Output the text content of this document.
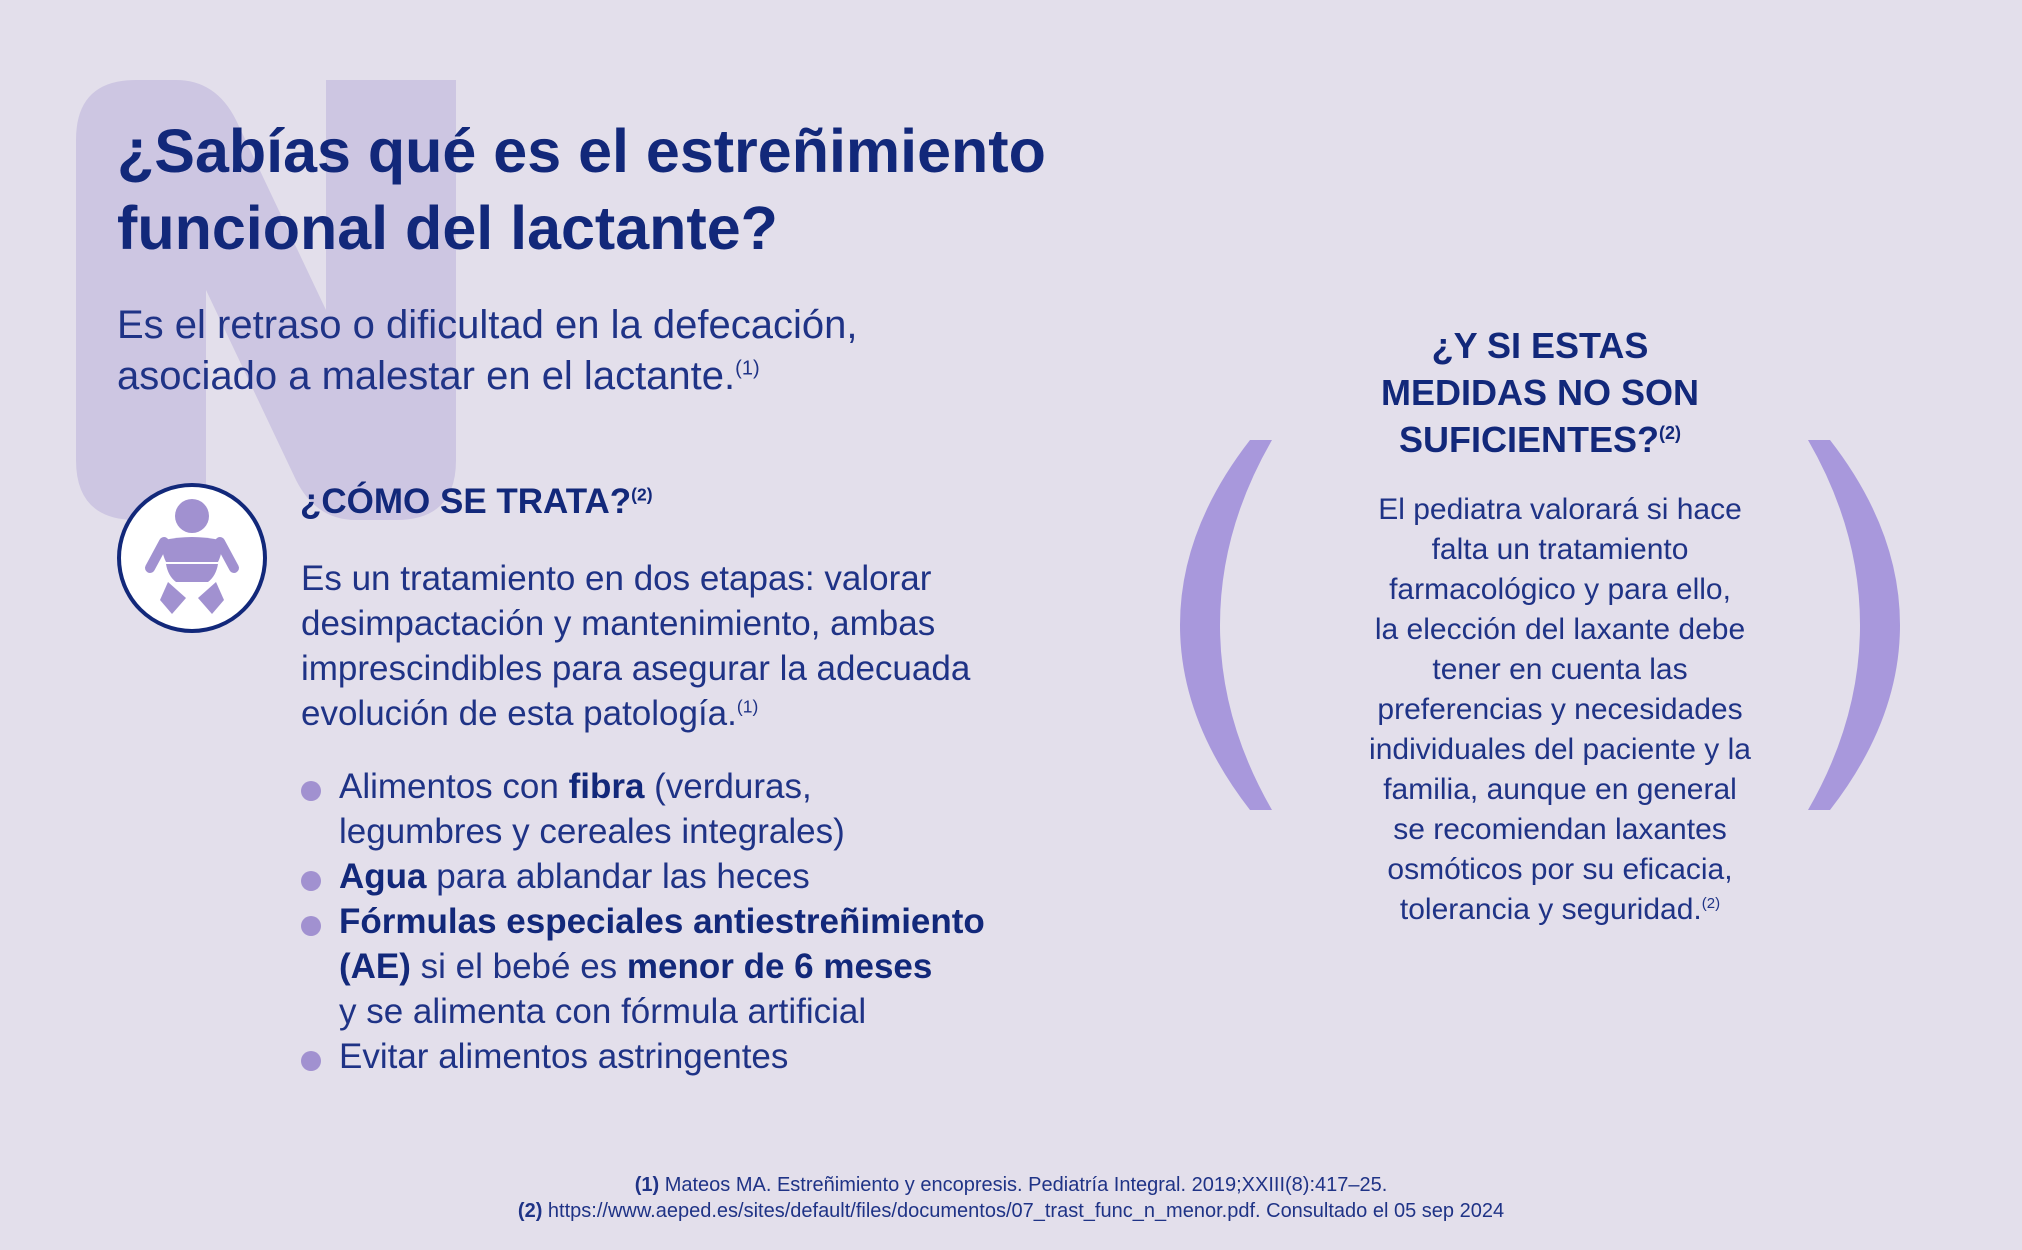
¿Sabías qué es el estreñimiento
funcional del lactante?

Es el retraso o dificultad en la defecación,
asociado a malestar en el lactante.$^{(1)}$

¿CÓMO SE TRATA?$^{(2)}$

Es un tratamiento en dos etapas: valorar
desimpactación y mantenimiento, ambas
imprescindibles para asegurar la adecuada
evolución de esta patología.$^{(1)}$

Alimentos con fibra (verduras,
legumbres y cereales integrales)
Agua para ablandar las heces
Fórmulas especiales antiestreñimiento
(AE) si el bebé es menor de 6 meses
y se alimenta con fórmula artificial
Evitar alimentos astringentes
¿Y SI ESTAS
MEDIDAS NO SON
SUFICIENTES?$^{(2)}$

El pediatra valorará si hace
falta un tratamiento
farmacológico y para ello,
la elección del laxante debe
tener en cuenta las
preferencias y necesidades
individuales del paciente y la
familia, aunque en general
se recomiendan laxantes
osmóticos por su eficacia,
tolerancia y seguridad.$^{(2)}$

(1) Mateos MA. Estreñimiento y encopresis. Pediatría Integral. 2019;XXIII(8):417–25.
(2) https://www.aeped.es/sites/default/files/documentos/07_trast_func_n_menor.pdf. Consultado el 05 sep 2024
